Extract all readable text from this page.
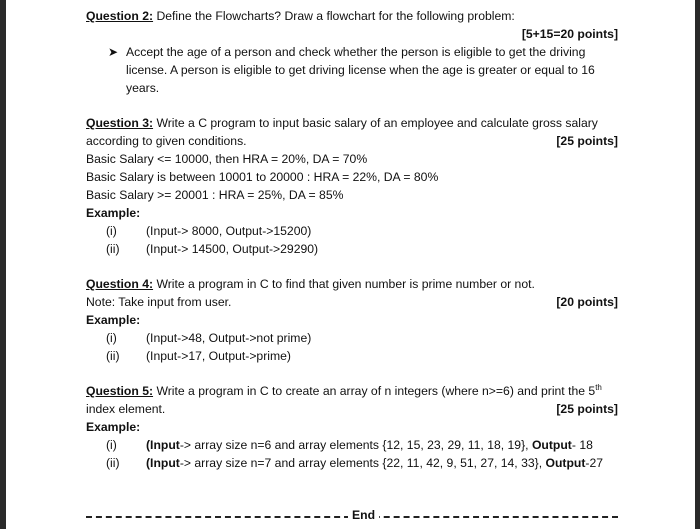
Question 2: Define the Flowcharts? Draw a flowchart for the following problem:
[5+15=20 points]
➤ Accept the age of a person and check whether the person is eligible to get the driving
license. A person is eligible to get driving license when the age is greater or equal to 16
years.
Question 3: Write a C program to input basic salary of an employee and calculate gross salary
according to given conditions.	[25 points]
Basic Salary <= 10000, then HRA = 20%, DA = 70%
Basic Salary is between 10001 to 20000 : HRA = 22%, DA = 80%
Basic Salary >= 20001 : HRA = 25%, DA = 85%
Example:
(i) (Input-> 8000, Output->15200)
(ii) (Input-> 14500, Output->29290)
Question 4: Write a program in C to find that given number is prime number or not.
Note: Take input from user.	[20 points]
Example:
(i) (Input->48, Output->not prime)
(ii) (Input->17, Output->prime)
Question 5: Write a program in C to create an array of n integers (where n>=6) and print the 5th
index element.	[25 points]
Example:
(i) (Input-> array size n=6 and array elements {12, 15, 23, 29, 11, 18, 19}, Output- 18
(ii) (Input-> array size n=7 and array elements {22, 11, 42, 9, 51, 27, 14, 33}, Output-27
End
